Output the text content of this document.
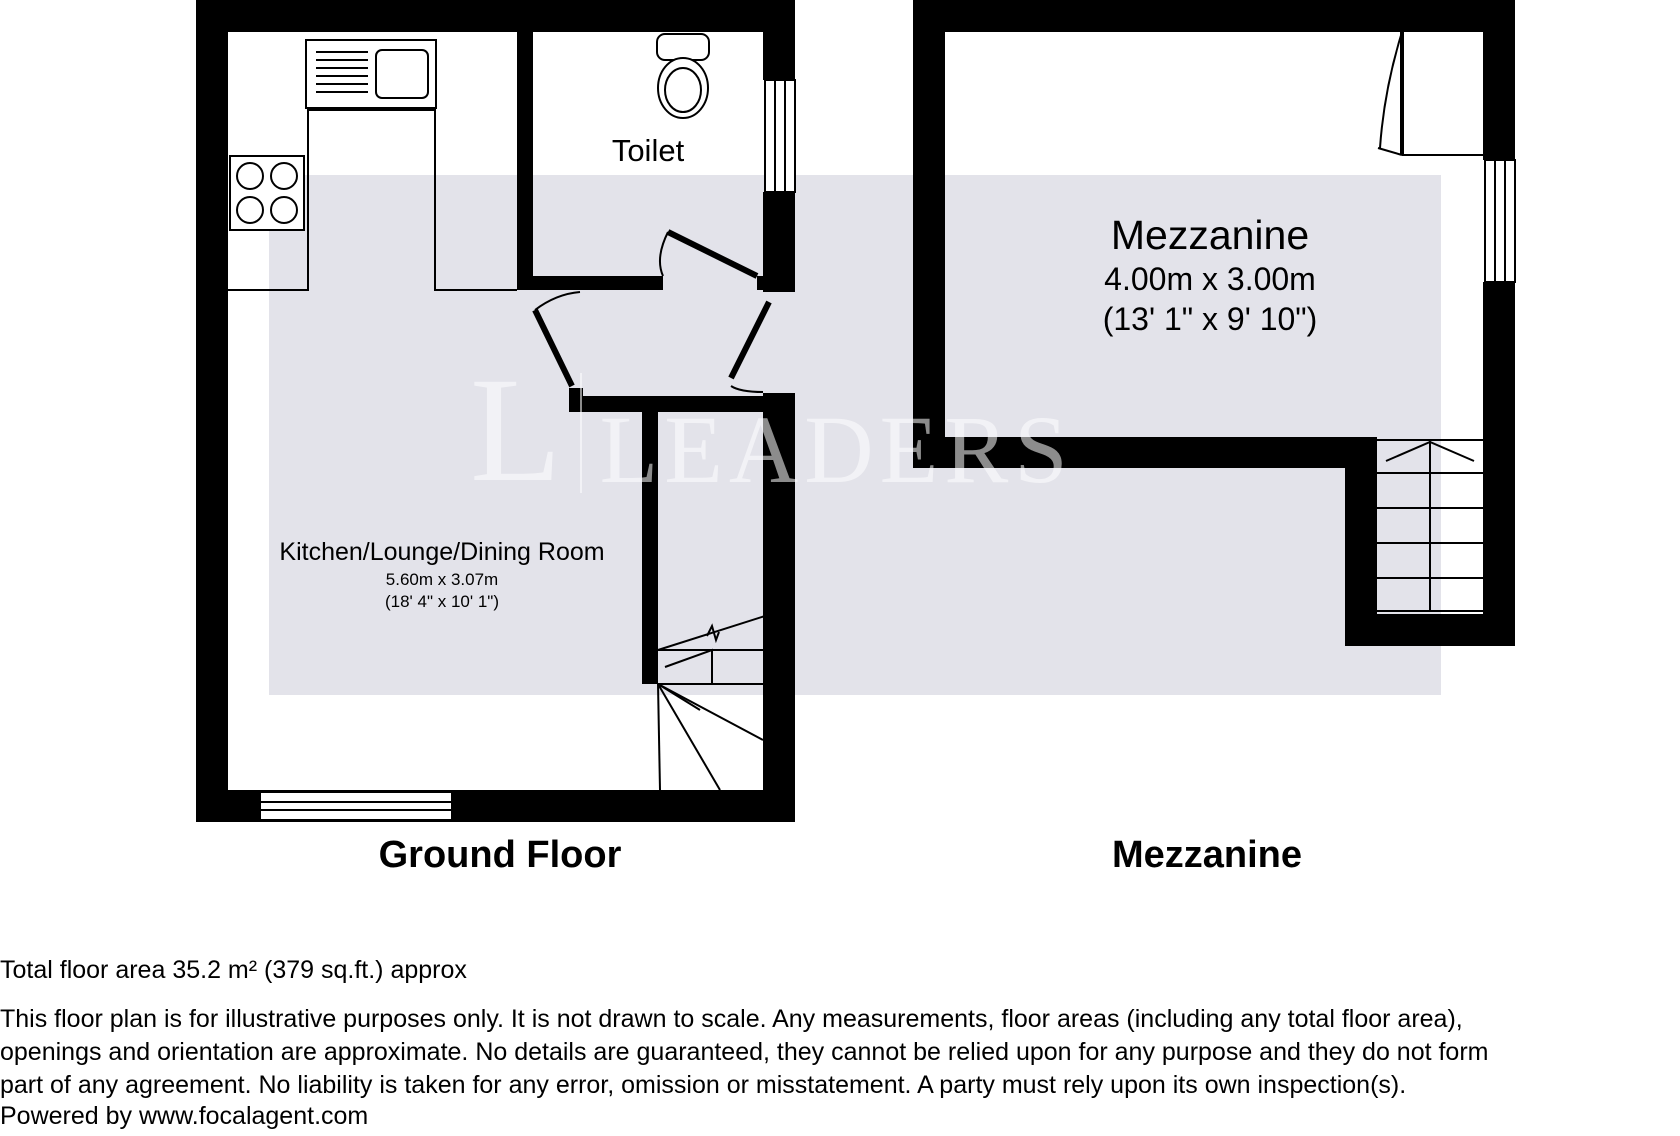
L LEADERS
Toilet
Kitchen/Lounge/Dining Room
5.60m x 3.07m
(18' 4" x 10' 1")
Mezzanine
4.00m x 3.00m
(13' 1" x 9' 10")
Ground Floor	Mezzanine
Total floor area 35.2 m² (379 sq.ft.) approx
This floor plan is for illustrative purposes only. It is not drawn to scale. Any measurements, floor areas (including any total floor area),
openings and orientation are approximate. No details are guaranteed, they cannot be relied upon for any purpose and they do not form
part of any agreement. No liability is taken for any error, omission or misstatement. A party must rely upon its own inspection(s).
Powered by www.focalagent.com
